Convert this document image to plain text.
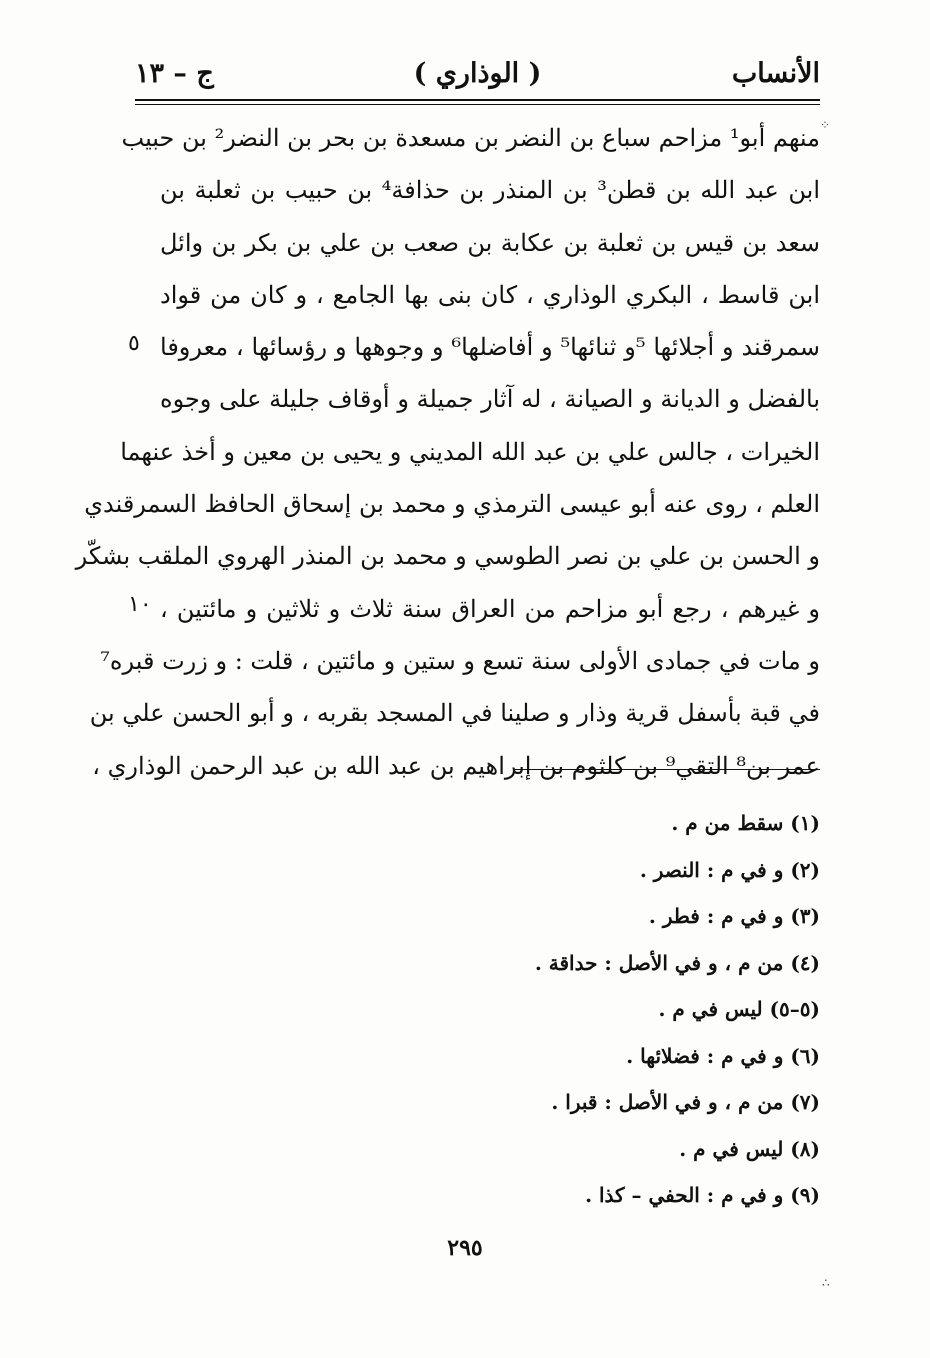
الأنساب
( الوذاري )
ج – ١٣
منهم أبو¹ مزاحم سباع بن النضر بن مسعدة بن بحر بن النضر² بن حبيب
ابن عبد الله بن قطن³ بن المنذر بن حذافة⁴ بن حبيب بن ثعلبة بن
سعد بن قيس بن ثعلبة بن عكابة بن صعب بن علي بن بكر بن وائل
ابن قاسط ، البكري الوذاري ، كان بنى بها الجامع ، و كان من قواد
سمرقند و أجلائها ⁵و ثنائها⁵ و أفاضلها⁶ و وجوهها و رؤسائها ، معروفا
بالفضل و الديانة و الصيانة ، له آثار جميلة و أوقاف جليلة على وجوه
الخيرات ، جالس علي بن عبد الله المديني و يحيى بن معين و أخذ عنهما
العلم ، روى عنه أبو عيسى الترمذي و محمد بن إسحاق الحافظ السمرقندي
و الحسن بن علي بن نصر الطوسي و محمد بن المنذر الهروي الملقب بشكّر
و غيرهم ، رجع أبو مزاحم من العراق سنة ثلاث و ثلاثين و مائتين ،
و مات في جمادى الأولى سنة تسع و ستين و مائتين ، قلت : و زرت قبره⁷
في قبة بأسفل قرية وذار و صلينا في المسجد بقربه ، و أبو الحسن علي بن
عمر بن⁸ التقي⁹ بن كلثوم بن إبراهيم بن عبد الله بن عبد الرحمن الوذاري ،
٥
١٠
(١) سقط من م .
(٢) و في م : النصر .
(٣) و في م : فطر .
(٤) من م ، و في الأصل : حداقة .
(٥–٥) ليس في م .
(٦) و في م : فضلائها .
(٧) من م ، و في الأصل : قبرا .
(٨) ليس في م .
(٩) و في م : الحفي – كذا .
٢٩٥
⁘
∴
